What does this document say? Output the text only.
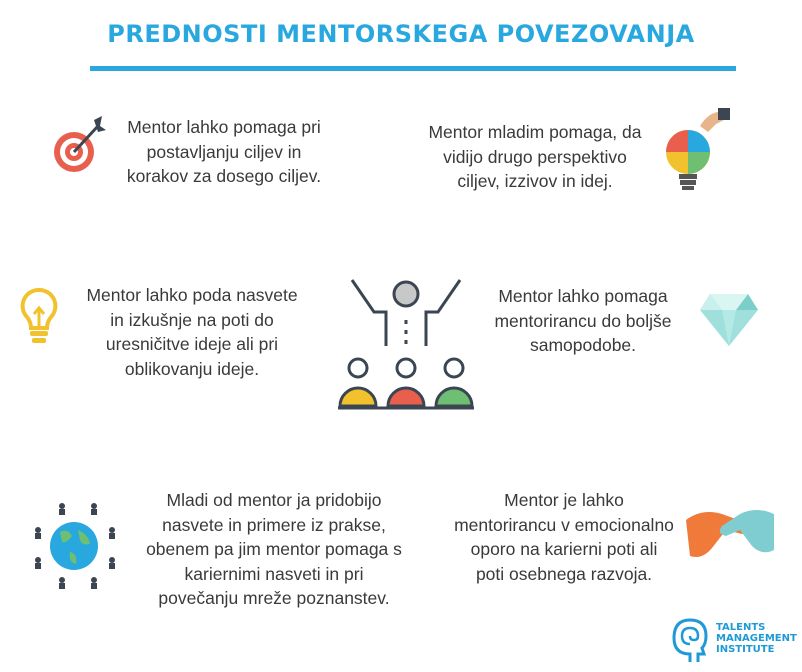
PREDNOSTI MENTORSKEGA POVEZOVANJA
Mentor lahko pomaga pri
postavljanju ciljev in
korakov za dosego ciljev.
Mentor mladim pomaga, da
vidijo drugo perspektivo
ciljev, izzivov in idej.
Mentor lahko poda nasvete
in izkušnje na poti do
uresničitve ideje ali pri
oblikovanju ideje.
Mentor lahko pomaga
mentorirancu do boljše
samopodobe.
Mladi od mentor ja pridobijo
nasvete in primere iz prakse,
obenem pa jim mentor pomaga s
kariernimi nasveti in pri
povečanju mreže poznanstev.
Mentor je lahko
mentorirancu v emocionalno
oporo na karierni poti ali
poti osebnega razvoja.
TALENTS
MANAGEMENT
INSTITUTE
